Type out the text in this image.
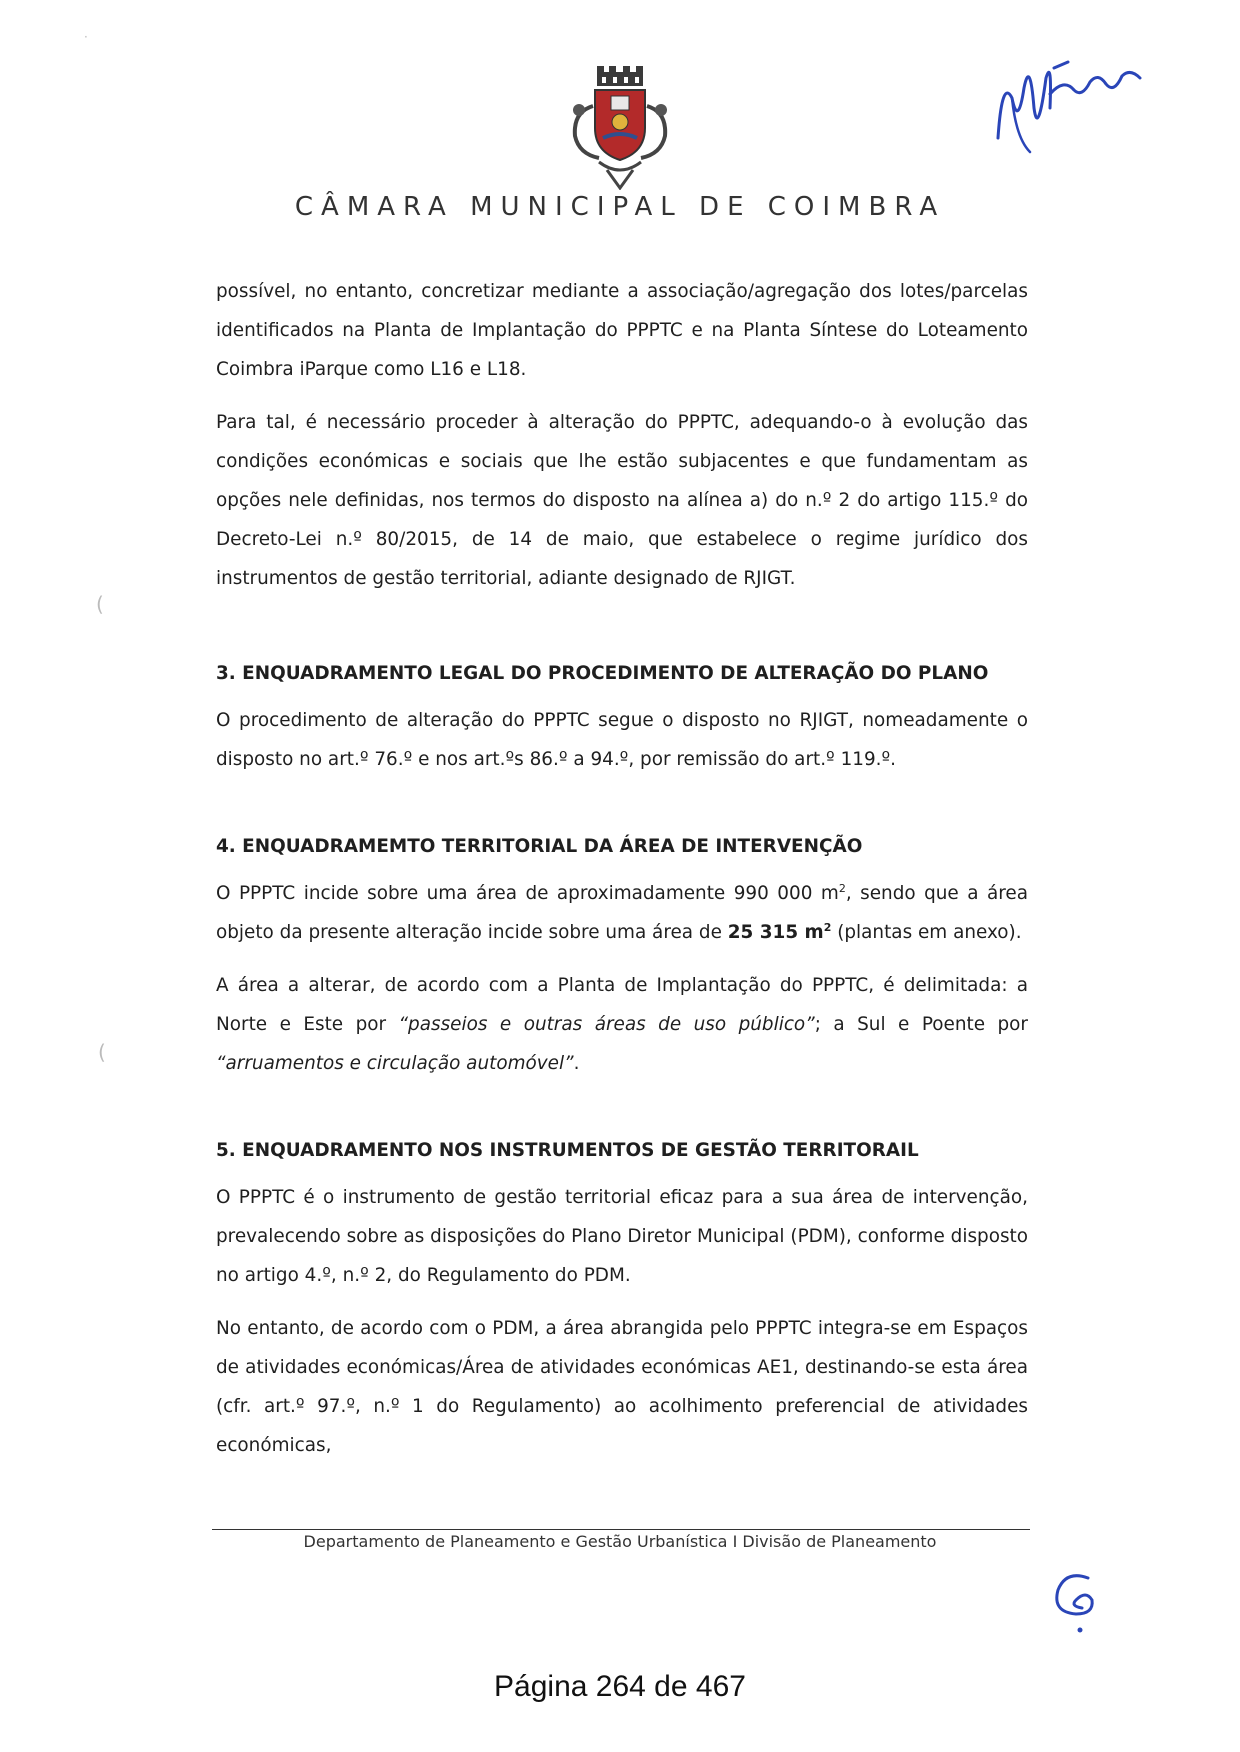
CÂMARA MUNICIPAL DE COIMBRA
·
(
(

possível, no entanto, concretizar mediante a associação/agregação dos lotes/parcelas identificados na Planta de Implantação do PPPTC e na Planta Síntese do Loteamento Coimbra iParque como L16 e L18.

Para tal, é necessário proceder à alteração do PPPTC, adequando-o à evolução das condições económicas e sociais que lhe estão subjacentes e que fundamentam as opções nele definidas, nos termos do disposto na alínea a) do n.º 2 do artigo 115.º do Decreto-Lei n.º 80/2015, de 14 de maio, que estabelece o regime jurídico dos instrumentos de gestão territorial, adiante designado de RJIGT.

3. ENQUADRAMENTO LEGAL DO PROCEDIMENTO DE ALTERAÇÃO DO PLANO

O procedimento de alteração do PPPTC segue o disposto no RJIGT, nomeadamente o disposto no art.º 76.º e nos art.ºs 86.º a 94.º, por remissão do art.º 119.º.

4. ENQUADRAMEMTO TERRITORIAL DA ÁREA DE INTERVENÇÃO

O PPPTC incide sobre uma área de aproximadamente 990 000 $m^2$, sendo que a área objeto da presente alteração incide sobre uma área de 25 315 $m^2$ (plantas em anexo).

A área a alterar, de acordo com a Planta de Implantação do PPPTC, é delimitada: a Norte e Este por “passeios e outras áreas de uso público”; a Sul e Poente por “arruamentos e circulação automóvel”.

5. ENQUADRAMENTO NOS INSTRUMENTOS DE GESTÃO TERRITORAIL

O PPPTC é o instrumento de gestão territorial eficaz para a sua área de intervenção, prevalecendo sobre as disposições do Plano Diretor Municipal (PDM), conforme disposto no artigo 4.º, n.º 2, do Regulamento do PDM.

No entanto, de acordo com o PDM, a área abrangida pelo PPPTC integra-se em Espaços de atividades económicas/Área de atividades económicas AE1, destinando-se esta área (cfr. art.º 97.º, n.º 1 do Regulamento) ao acolhimento preferencial de atividades económicas,

Departamento de Planeamento e Gestão Urbanística I Divisão de Planeamento
Página 264 de 467
